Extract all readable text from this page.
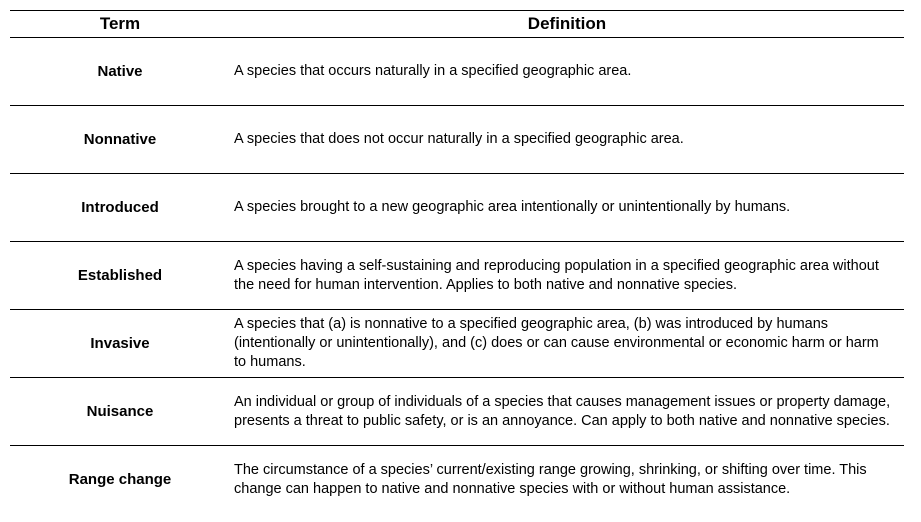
Term	Definition
Native	A species that occurs naturally in a specified geographic area.
Nonnative	A species that does not occur naturally in a specified geographic area.
Introduced	A species brought to a new geographic area intentionally or unintentionally by humans.
Established	A species having a self-sustaining and reproducing population in a specified geographic area without the need for human intervention. Applies to both native and nonnative species.
Invasive	A species that (a) is nonnative to a specified geographic area, (b) was introduced by humans (intentionally or unintentionally), and (c) does or can cause environmental or economic harm or harm to humans.
Nuisance	An individual or group of individuals of a species that causes management issues or property damage, presents a threat to public safety, or is an annoyance. Can apply to both native and nonnative species.
Range change	The circumstance of a species’ current/existing range growing, shrinking, or shifting over time. This change can happen to native and nonnative species with or without human assistance.
